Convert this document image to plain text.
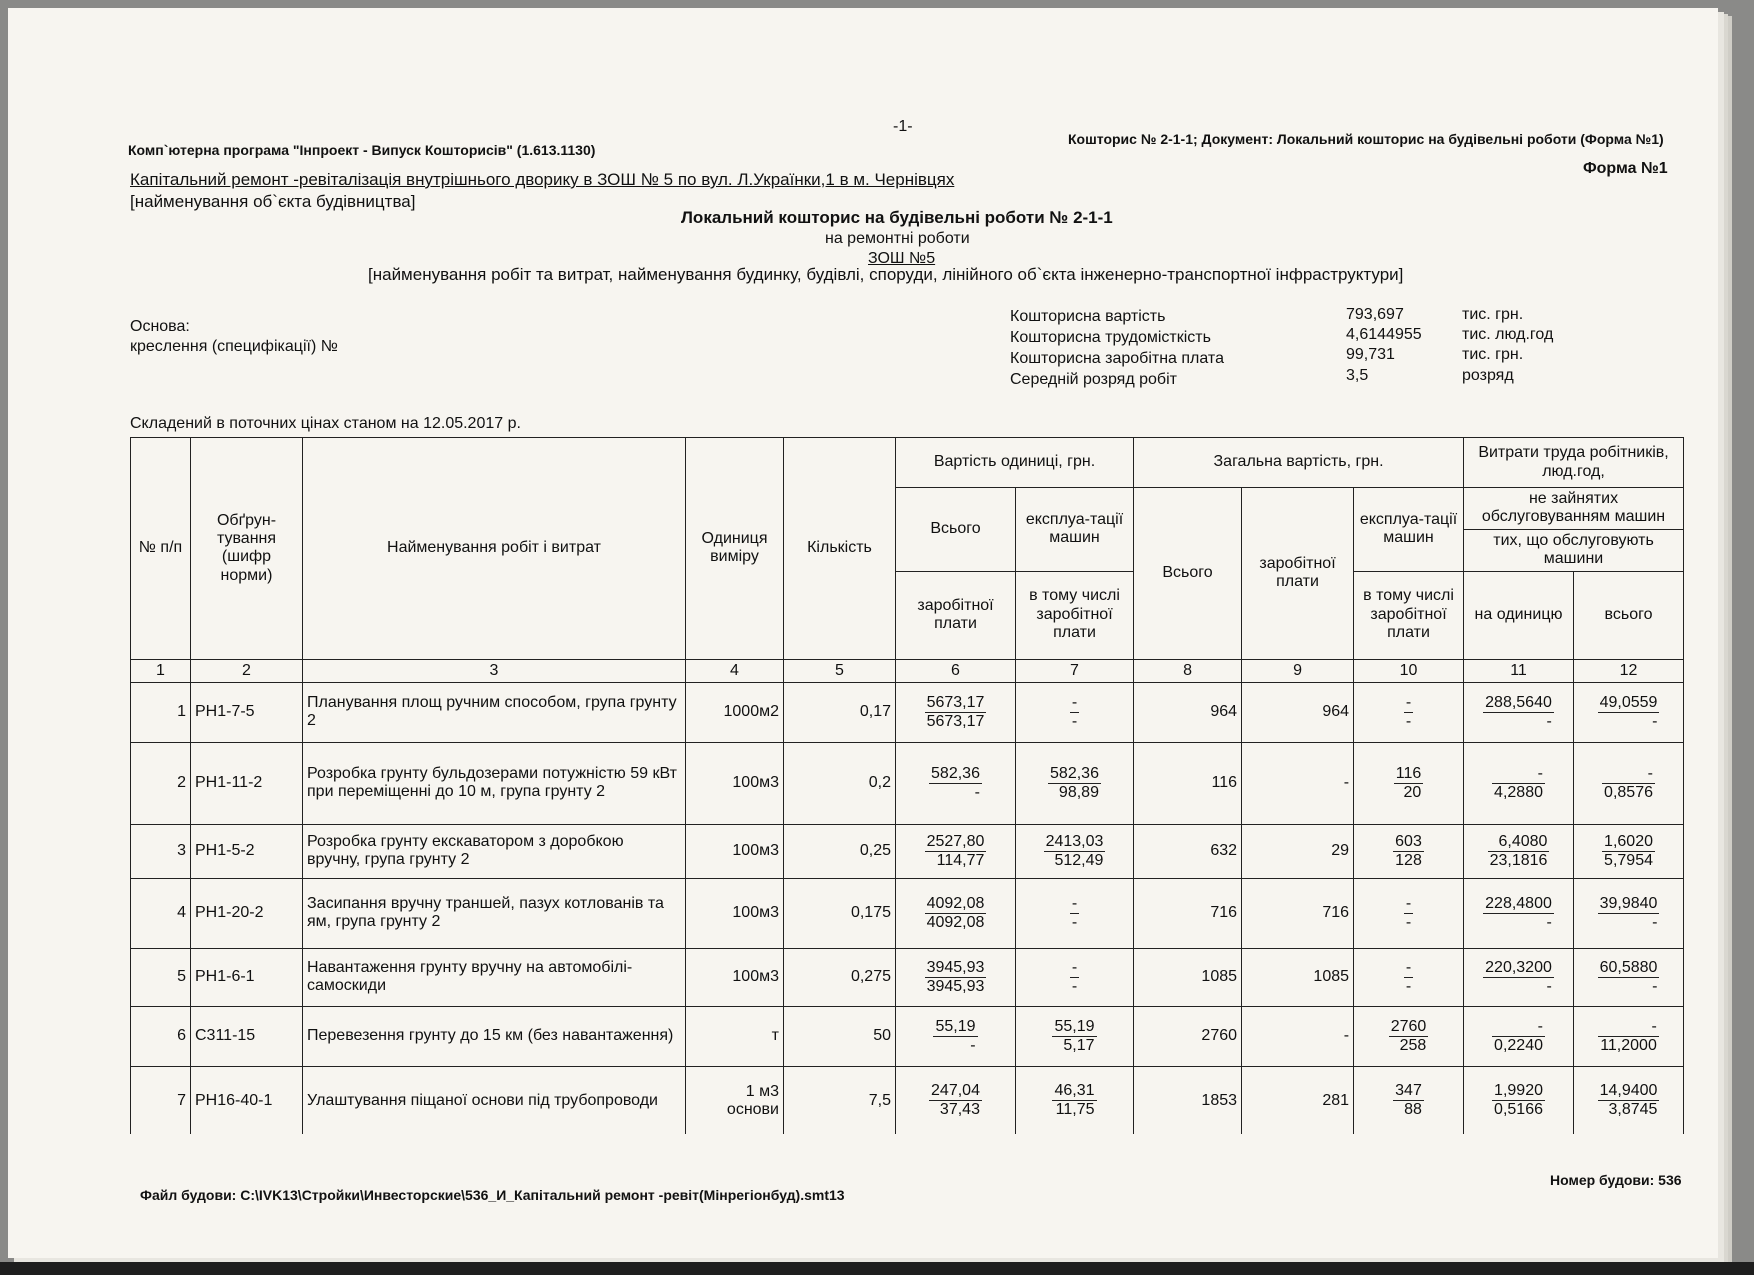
-1-
Комп`ютерна програма "Інпроект - Випуск Кошторисів" (1.613.1130)
Кошторис № 2-1-1; Документ: Локальний кошторис на будівельні роботи (Форма №1)
Форма №1
Капітальний ремонт -ревіталізація внутрішнього дворику в ЗОШ № 5 по вул. Л.Українки,1 в м. Чернівцях
[найменування об`єкта будівництва]
Локальний кошторис на будівельні роботи № 2-1-1
на ремонтні роботи
ЗОШ №5
[найменування робіт та витрат, найменування будинку, будівлі, споруди, лінійного об`єкта інженерно-транспортної інфраструктури]
Основа:
креслення (специфікації) №
Кошторисна вартість	793,697	тис. грн.
Кошторисна трудомісткість	4,6144955	тис. люд.год
Кошторисна заробітна плата	99,731	тис. грн.
Середній розряд робіт	3,5	розряд
Складений в поточних цінах станом на 12.05.2017 р.
№ п/п	Обґрун-тування (шифр норми)	Найменування робіт і витрат	Одиниця виміру	Кількість	Вартість одиниці, грн.		Загальна вартість, грн.			Витрати труда робітників, люд.год,	
					Всього	експлуа-тації машин	Всього	заробітної плати	експлуа-тації машин	не зайнятих обслуговуванням машин	
										тих, що обслуговують машини	
					заробітної плати	в тому числі заробітної плати			в тому числі заробітної плати	на одиницю	всього
1	2	3	4	5	6	7	8	9	10	11	12
1	РН1-7-5	Планування площ ручним способом, група грунту 2	1000м2	0,17	$\frac{5673,17}{5673,17}$	$\frac{-}{-}$	964	964	$\frac{-}{-}$	$\frac{288,5640}{-}$	$\frac{49,0559}{-}$

2	РН1-11-2	Розробка грунту бульдозерами потужністю 59 кВт при переміщенні до 10 м, група грунту 2	100м3	0,2	$\frac{582,36}{-}$	$\frac{582,36}{98,89}$	116	-	$\frac{116}{20}$	$\frac{-}{4,2880}$	$\frac{-}{0,8576}$

3	РН1-5-2	Розробка грунту екскаватором з доробкою вручну, група грунту 2	100м3	0,25	$\frac{2527,80}{114,77}$	$\frac{2413,03}{512,49}$	632	29	$\frac{603}{128}$	$\frac{6,4080}{23,1816}$	$\frac{1,6020}{5,7954}$

4	РН1-20-2	Засипання вручну траншей, пазух котлованів та ям, група грунту 2	100м3	0,175	$\frac{4092,08}{4092,08}$	$\frac{-}{-}$	716	716	$\frac{-}{-}$	$\frac{228,4800}{-}$	$\frac{39,9840}{-}$

5	РН1-6-1	Навантаження грунту вручну на автомобілі-самоскиди	100м3	0,275	$\frac{3945,93}{3945,93}$	$\frac{-}{-}$	1085	1085	$\frac{-}{-}$	$\frac{220,3200}{-}$	$\frac{60,5880}{-}$

6	С311-15	Перевезення грунту до 15 км (без навантаження)	т	50	$\frac{55,19}{-}$	$\frac{55,19}{5,17}$	2760	-	$\frac{2760}{258}$	$\frac{-}{0,2240}$	$\frac{-}{11,2000}$

7	РН16-40-1	Улаштування піщаної основи під трубопроводи	1 м3 основи	7,5	$\frac{247,04}{37,43}$	$\frac{46,31}{11,75}$	1853	281	$\frac{347}{88}$	$\frac{1,9920}{0,5166}$	$\frac{14,9400}{3,8745}$
Файл будови: C:\IVK13\Стройки\Инвесторские\536_И_Капітальний ремонт -ревіт(Мінрегіонбуд).smt13
Номер будови: 536
